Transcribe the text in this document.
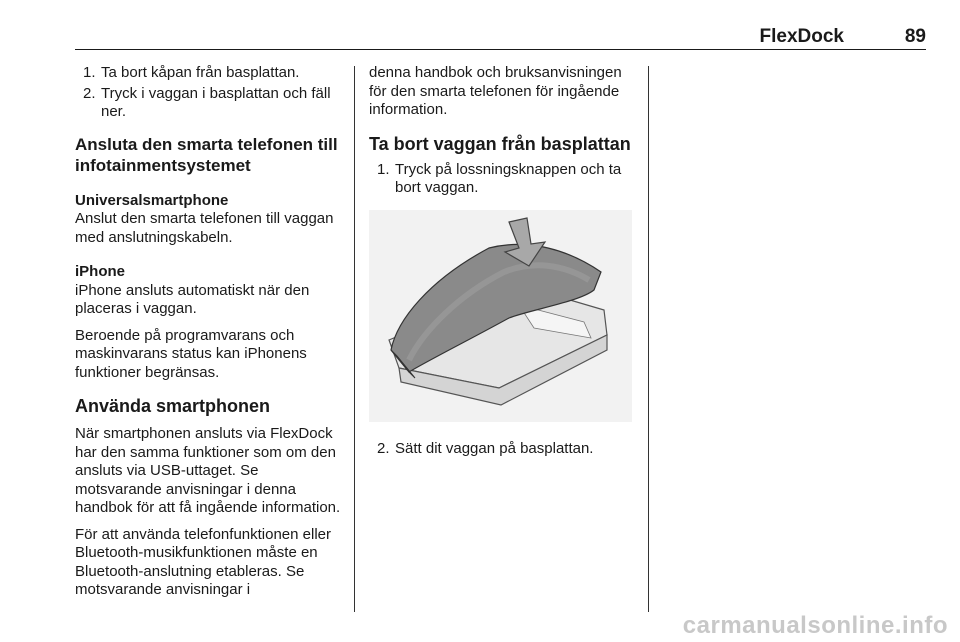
FlexDock	89
1. Ta bort kåpan från basplattan.
2. Tryck i vaggan i basplattan och fäll ner.
Ansluta den smarta telefonen till infotainmentsystemet
Universalsmartphone

Anslut den smarta telefonen till vaggan med anslutningskabeln.

iPhone

iPhone ansluts automatiskt när den placeras i vaggan.

Beroende på programvarans och maskinvarans status kan iPhonens funktioner begränsas.

Använda smartphonen

När smartphonen ansluts via FlexDock har den samma funktioner som om den ansluts via USB-uttaget. Se motsvarande anvisningar i denna handbok för att få ingående information.

För att använda telefonfunktionen eller Bluetooth-musikfunktionen måste en Bluetooth-anslutning etableras. Se motsvarande anvisningar i

denna handbok och bruksanvisningen för den smarta telefonen för ingående information.

Ta bort vaggan från basplattan
1. Tryck på lossningsknappen och ta bort vaggan.
2. Sätt dit vaggan på basplattan.
carmanualsonline.info
